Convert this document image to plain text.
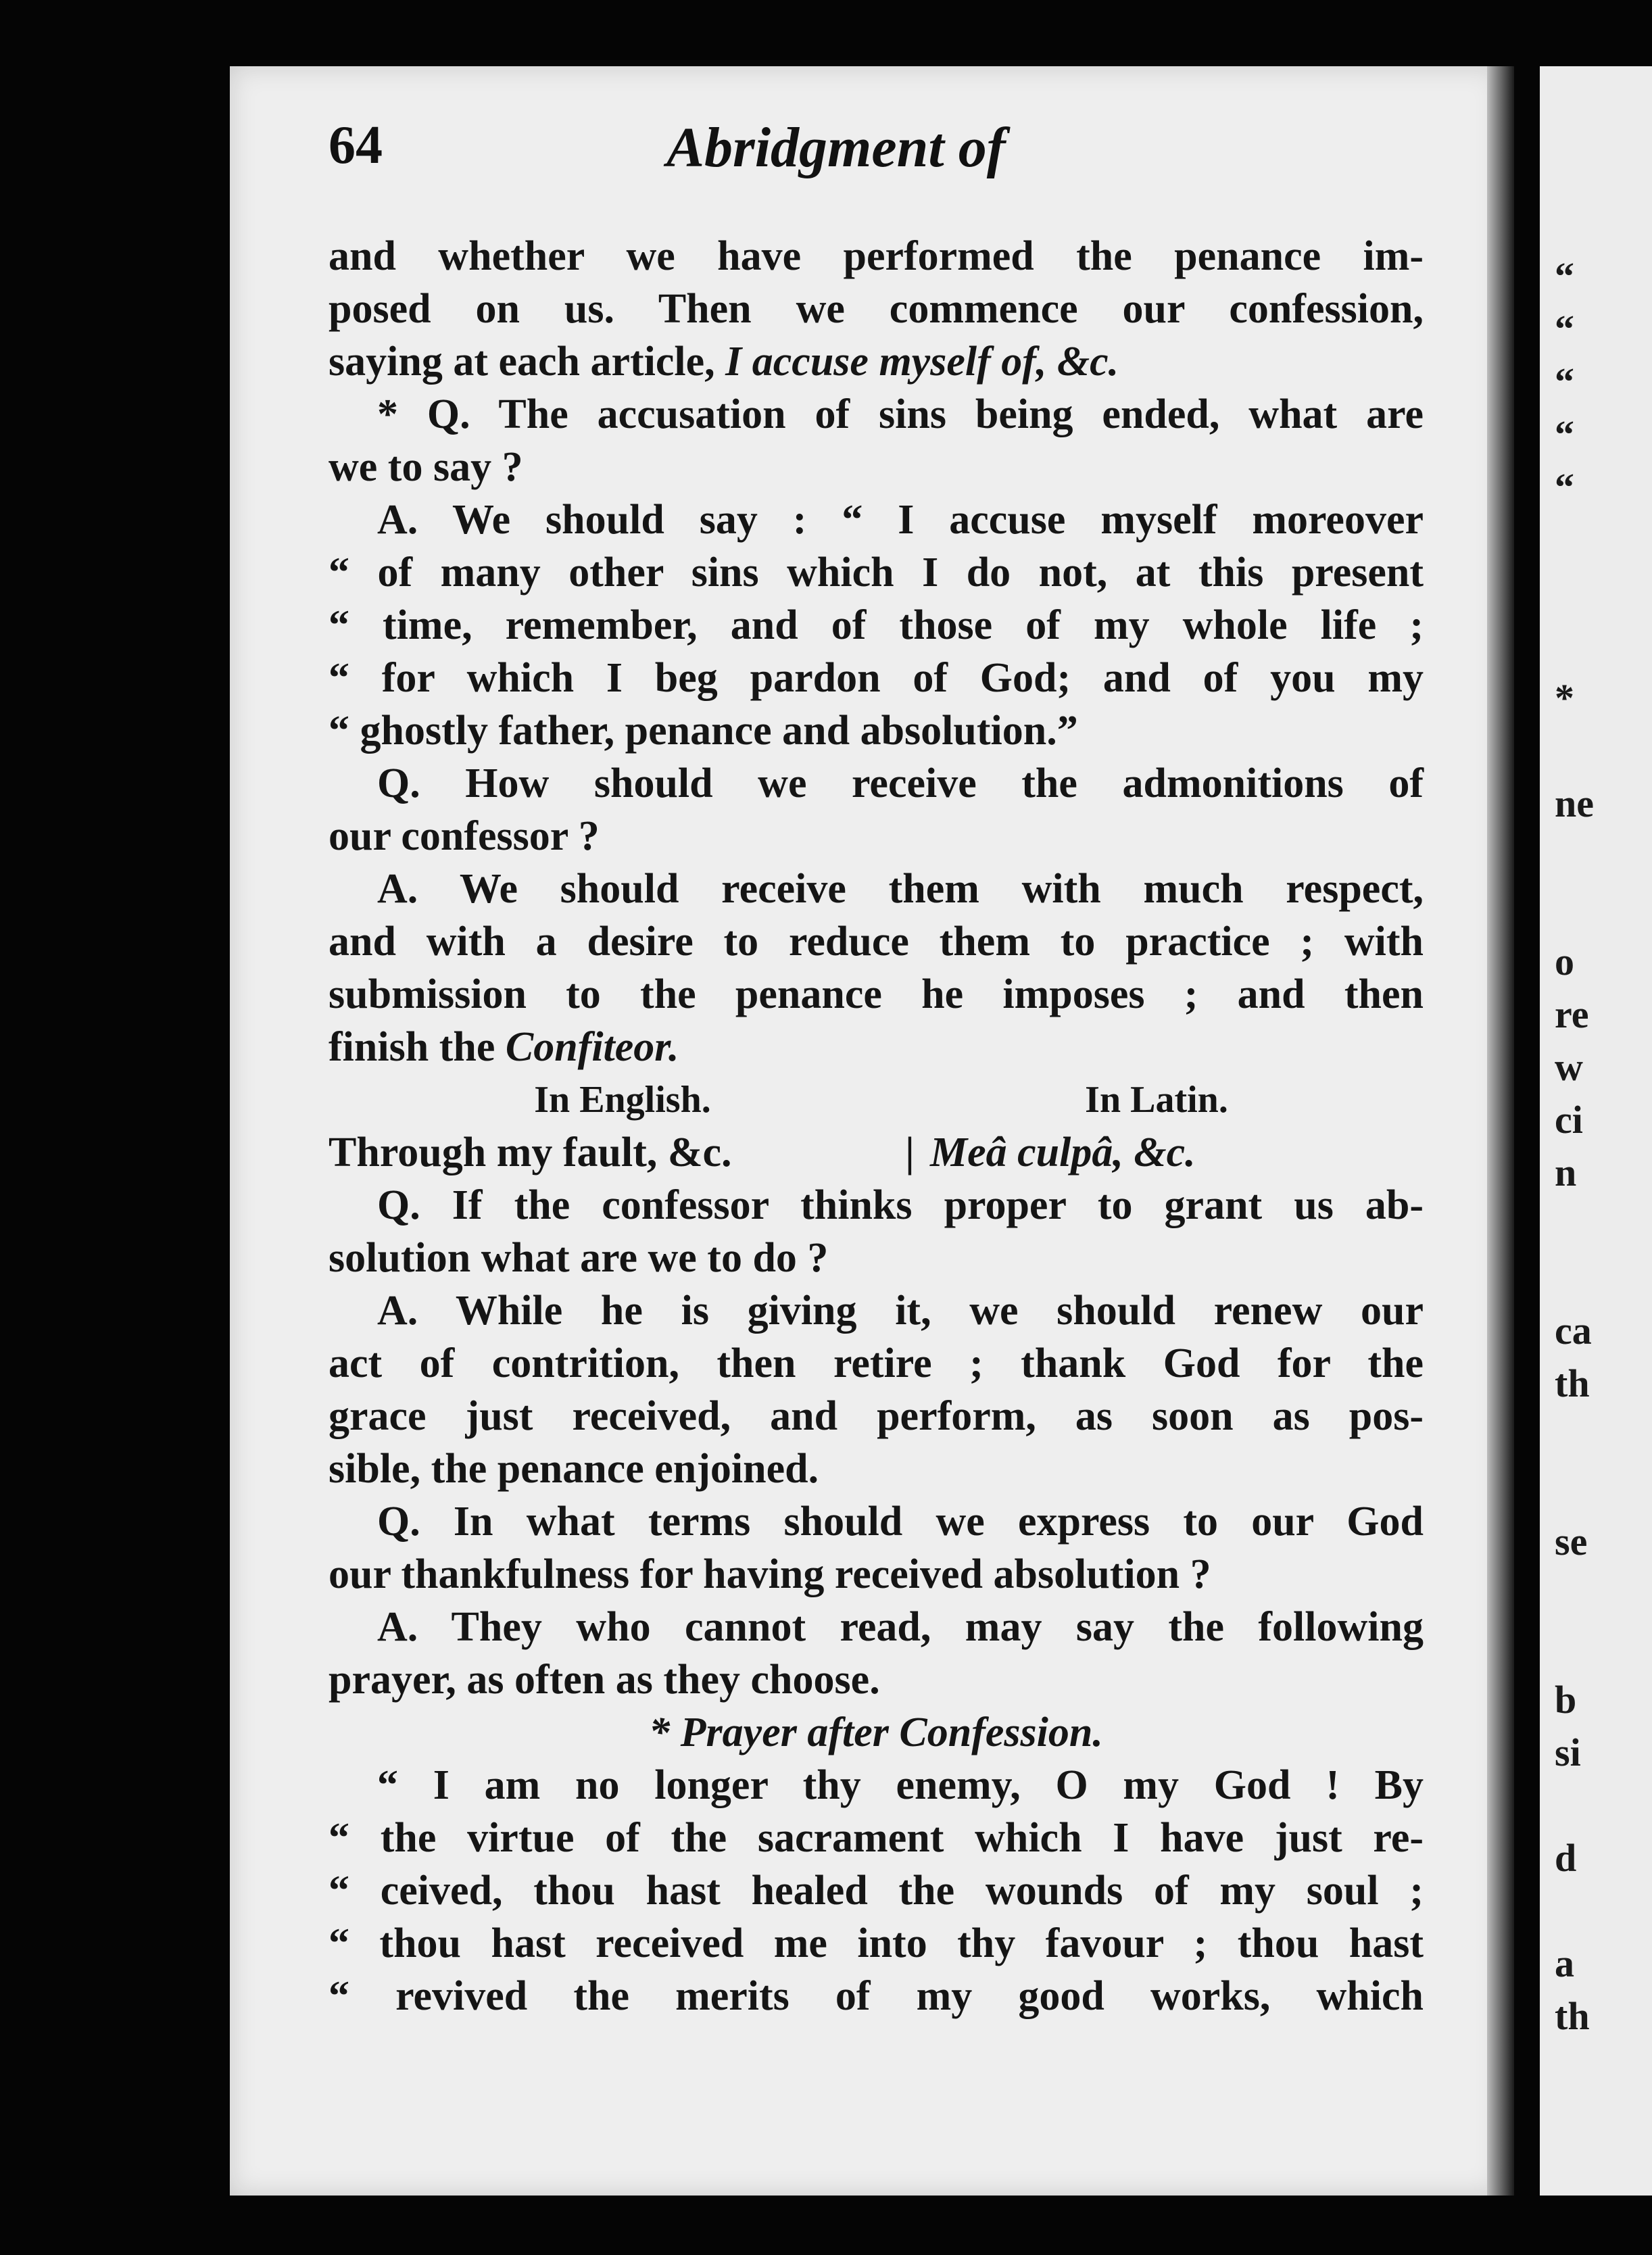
“
“
“
“
“

*

ne

o
re
w
ci
n

ca
th

se

b
si

d

a
th
64	Abridgment of
and whether we have performed the penance im-
posed on us. Then we commence our confession,
saying at each article, I accuse myself of, &c.
* Q. The accusation of sins being ended, what are
we to say ?
A. We should say : “ I accuse myself moreover
“ of many other sins which I do not, at this present
“ time, remember, and of those of my whole life ;
“ for which I beg pardon of God; and of you my
“ ghostly father, penance and absolution.”
Q. How should we receive the admonitions of
our confessor ?
A. We should receive them with much respect,
and with a desire to reduce them to practice ; with
submission to the penance he imposes ; and then
finish the Confiteor.
In English.	In Latin.
Through my fault, &c.	| Meâ culpâ, &c.
Q. If the confessor thinks proper to grant us ab-
solution what are we to do ?
A. While he is giving it, we should renew our
act of contrition, then retire ; thank God for the
grace just received, and perform, as soon as pos-
sible, the penance enjoined.
Q. In what terms should we express to our God
our thankfulness for having received absolution ?
A. They who cannot read, may say the following
prayer, as often as they choose.
* Prayer after Confession.
“ I am no longer thy enemy, O my God ! By
“ the virtue of the sacrament which I have just re-
“ ceived, thou hast healed the wounds of my soul ;
“ thou hast received me into thy favour ; thou hast
“ revived the merits of my good works, which
